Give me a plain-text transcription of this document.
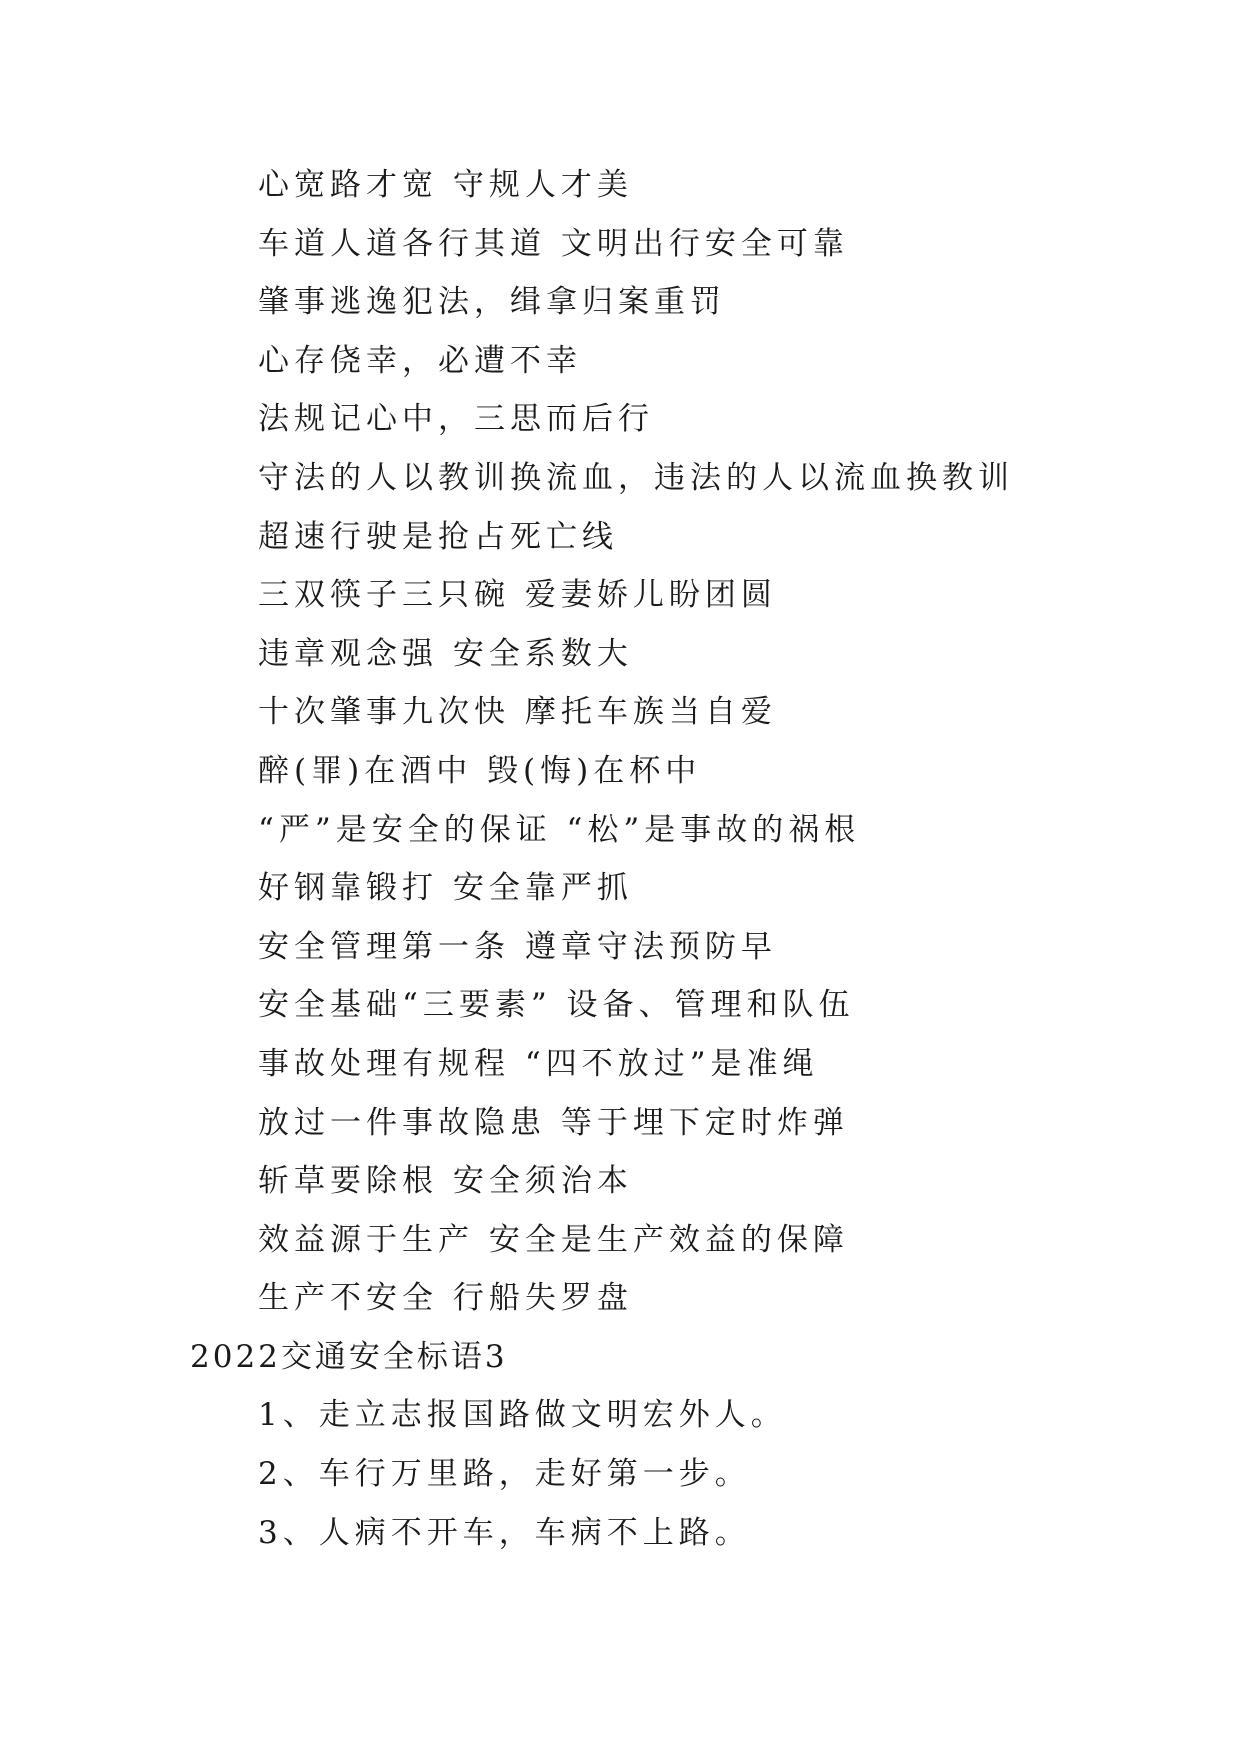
心宽路才宽 守规人才美
车道人道各行其道 文明出行安全可靠
肇事逃逸犯法，缉拿归案重罚
心存侥幸，必遭不幸
法规记心中，三思而后行
守法的人以教训换流血，违法的人以流血换教训
超速行驶是抢占死亡线
三双筷子三只碗 爱妻娇儿盼团圆
违章观念强 安全系数大
十次肇事九次快 摩托车族当自爱
醉(罪)在酒中 毁(悔)在杯中
“严”是安全的保证 “松”是事故的祸根
好钢靠锻打 安全靠严抓
安全管理第一条 遵章守法预防早
安全基础“三要素” 设备、管理和队伍
事故处理有规程 “四不放过”是准绳
放过一件事故隐患 等于埋下定时炸弹
斩草要除根 安全须治本
效益源于生产 安全是生产效益的保障
生产不安全 行船失罗盘
2022交通安全标语3
1、走立志报国路做文明宏外人。
2、车行万里路，走好第一步。
3、人病不开车，车病不上路。
